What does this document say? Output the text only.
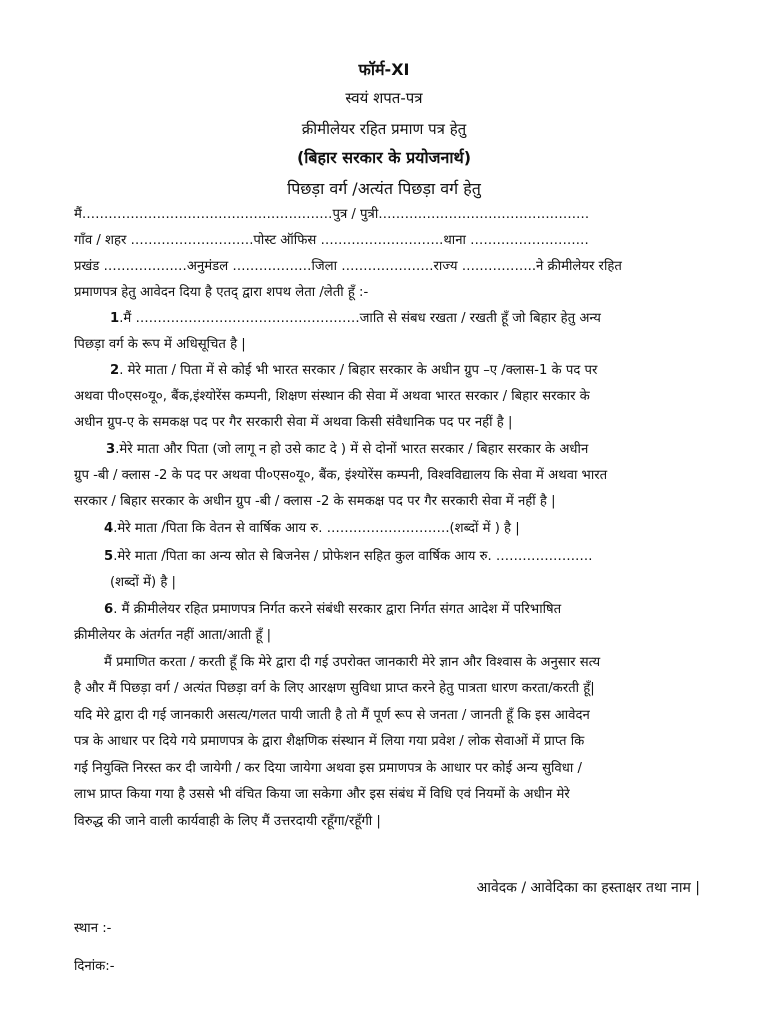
फॉर्म-XI
स्वयं शपत-पत्र
क्रीमीलेयर रहित प्रमाण पत्र हेतु
(बिहार सरकार के प्रयोजनार्थ)
पिछड़ा वर्ग /अत्यंत पिछड़ा वर्ग हेतु
मैं…………………………………………………पुत्र / पुत्री…………………………………………
गाँव / शहर ……………………….पोस्ट ऑफिस ……………………….थाना ………………………
प्रखंड …………….…अनुमंडल ………………जिला …………………राज्य ……………..ने क्रीमीलेयर रहित
प्रमाणपत्र हेतु आवेदन दिया है एतद् द्वारा शपथ लेता /लेती हूँ :-
1.मैं ……………………………………………जाति से संबध रखता / रखती हूँ जो बिहार हेतु अन्य
पिछड़ा वर्ग के रूप में अधिसूचित है |
2. मेरे माता / पिता में से कोई भी भारत सरकार / बिहार सरकार के अधीन ग्रुप –ए /क्लास-1 के पद पर
अथवा पी०एस०यू०, बैंक,इंश्योरेंस कम्पनी, शिक्षण संस्थान की सेवा में अथवा भारत सरकार / बिहार सरकार के
अधीन ग्रुप-ए के समकक्ष पद पर गैर सरकारी सेवा में अथवा किसी संवैधानिक पद पर नहीं है |
3.मेरे माता और पिता (जो लागू न हो उसे काट दे ) में से दोनों भारत सरकार / बिहार सरकार के अधीन
ग्रुप -बी / क्लास -2 के पद पर अथवा पी०एस०यू०, बैंक, इंश्योरेंस कम्पनी, विश्वविद्यालय कि सेवा में अथवा भारत
सरकार / बिहार सरकार के अधीन ग्रुप -बी / क्लास -2 के समकक्ष पद पर गैर सरकारी सेवा में नहीं है |
4.मेरे माता /पिता कि वेतन से वार्षिक आय रु. ……………………….(शब्दों में ) है |
5.मेरे माता /पिता का अन्य स्रोत से बिजनेस / प्रोफेशन सहित कुल वार्षिक आय रु. ………………….
(शब्दों में) है |
6. मैं क्रीमीलेयर रहित प्रमाणपत्र निर्गत करने संबंधी सरकार द्वारा निर्गत संगत आदेश में परिभाषित
क्रीमीलेयर के अंतर्गत नहीं आता/आती हूँ |
मैं प्रमाणित करता / करती हूँ कि मेरे द्वारा दी गई उपरोक्त जानकारी मेरे ज्ञान और विश्वास के अनुसार सत्य
है और मैं पिछड़ा वर्ग / अत्यंत पिछड़ा वर्ग के लिए आरक्षण सुविधा प्राप्त करने हेतु पात्रता धारण करता/करती हूँ|
यदि मेरे द्वारा दी गई जानकारी असत्य/गलत पायी जाती है तो मैं पूर्ण रूप से जनता / जानती हूँ कि इस आवेदन
पत्र के आधार पर दिये गये प्रमाणपत्र के द्वारा शैक्षणिक संस्थान में लिया गया प्रवेश / लोक सेवाओं में प्राप्त कि
गई नियुक्ति निरस्त कर दी जायेगी / कर दिया जायेगा अथवा इस प्रमाणपत्र के आधार पर कोई अन्य सुविधा /
लाभ प्राप्त किया गया है उससे भी वंचित किया जा सकेगा और इस संबंध में विधि एवं नियमों के अधीन मेरे
विरुद्ध की जाने वाली कार्यवाही के लिए मैं उत्तरदायी रहूँगा/रहूँगी |
आवेदक / आवेदिका का हस्ताक्षर तथा नाम |
स्थान :-
दिनांक:-
